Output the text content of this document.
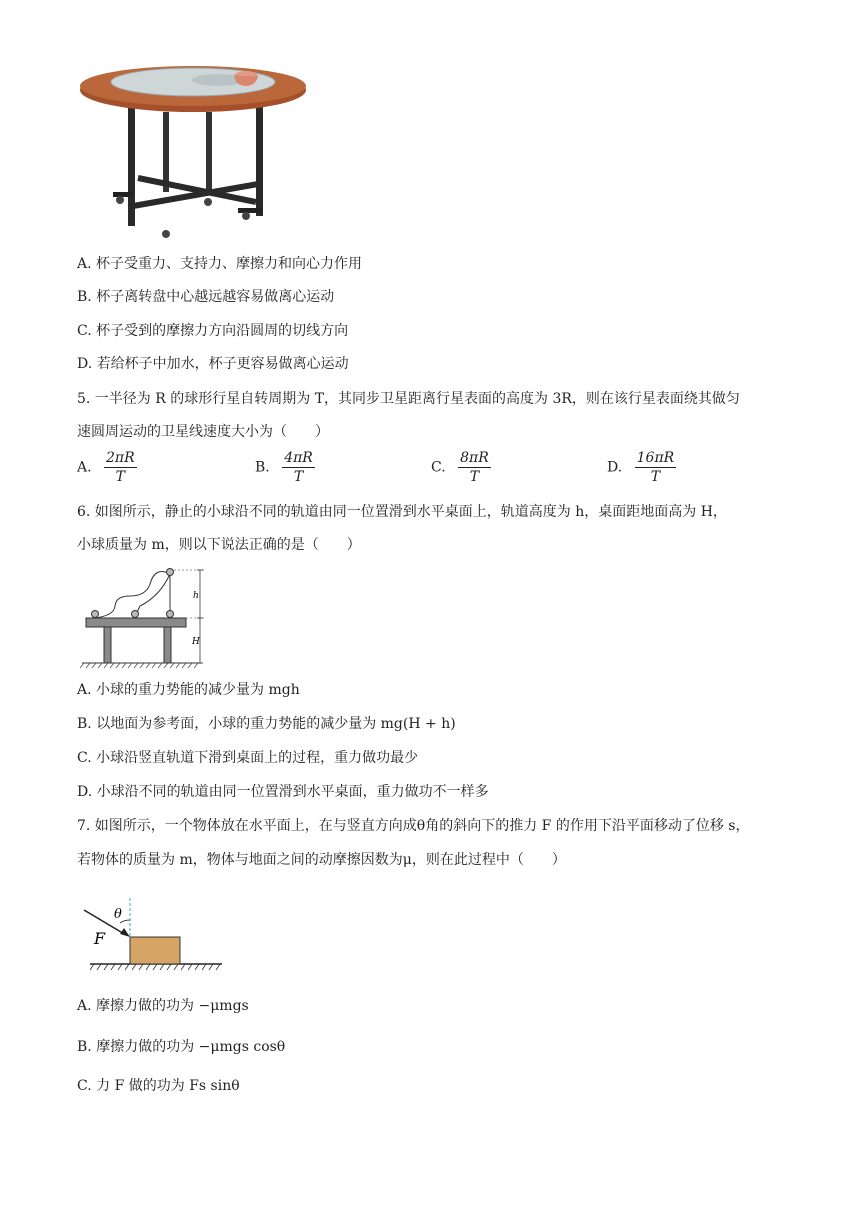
A. 杯子受重力、支持力、摩擦力和向心力作用
B. 杯子离转盘中心越远越容易做离心运动
C. 杯子受到的摩擦力方向沿圆周的切线方向
D. 若给杯子中加水，杯子更容易做离心运动
5. 一半径为 R 的球形行星自转周期为 T，其同步卫星距离行星表面的高度为 3R，则在该行星表面绕其做匀
速圆周运动的卫星线速度大小为（　　）
A. $\frac{2\pi R}{T}$	B. $\frac{4\pi R}{T}$	C. $\frac{8\pi R}{T}$	D. $\frac{16\pi R}{T}$
6. 如图所示，静止的小球沿不同的轨道由同一位置滑到水平桌面上，轨道高度为 h，桌面距地面高为 H，
小球质量为 m，则以下说法正确的是（　　）
h
H
A. 小球的重力势能的减少量为 mgh
B. 以地面为参考面，小球的重力势能的减少量为 mg(H + h)
C. 小球沿竖直轨道下滑到桌面上的过程，重力做功最少
D. 小球沿不同的轨道由同一位置滑到水平桌面，重力做功不一样多
7. 如图所示，一个物体放在水平面上，在与竖直方向成θ角的斜向下的推力 F 的作用下沿平面移动了位移 s，
若物体的质量为 m，物体与地面之间的动摩擦因数为μ，则在此过程中（　　）
θ
F
A. 摩擦力做的功为 −μmgs
B. 摩擦力做的功为 −μmgs cosθ
C. 力 F 做的功为 Fs sinθ
